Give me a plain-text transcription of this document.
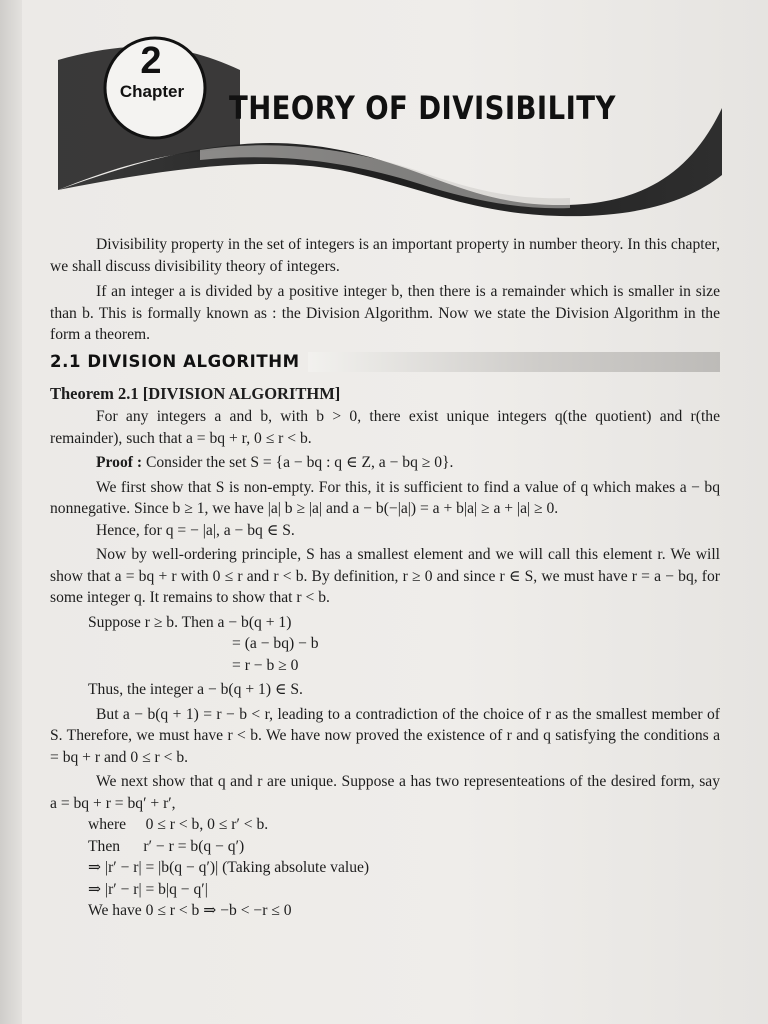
2
Chapter	THEORY OF DIVISIBILITY

Divisibility property in the set of integers is an important property in number theory. In this chapter, we shall discuss divisibility theory of integers.

If an integer a is divided by a positive integer b, then there is a remainder which is smaller in size than b. This is formally known as : the Division Algorithm. Now we state the Division Algorithm in the form a theorem.

2.1 DIVISION ALGORITHM
Theorem 2.1 [DIVISION ALGORITHM]

For any integers a and b, with b > 0, there exist unique integers q(the quotient) and r(the remainder), such that a = bq + r, 0 ≤ r < b.

Proof : Consider the set S = {a − bq : q ∈ Z, a − bq ≥ 0}.

We first show that S is non-empty. For this, it is sufficient to find a value of q which makes a − bq nonnegative. Since b ≥ 1, we have |a| b ≥ |a| and a − b(−|a|) = a + b|a| ≥ a + |a| ≥ 0.

Hence, for q = − |a|, a − bq ∈ S.

Now by well-ordering principle, S has a smallest element and we will call this element r. We will show that a = bq + r with 0 ≤ r and r < b. By definition, r ≥ 0 and since r ∈ S, we must have r = a − bq, for some integer q. It remains to show that r < b.

Suppose r ≥ b. Then a − b(q + 1)

= (a − bq) − b

= r − b ≥ 0

Thus, the integer a − b(q + 1) ∈ S.

But a − b(q + 1) = r − b < r, leading to a contradiction of the choice of r as the smallest member of S. Therefore, we must have r < b. We have now proved the existence of r and q satisfying the conditions a = bq + r and 0 ≤ r < b.

We next show that q and r are unique. Suppose a has two representeations of the desired form, say      a = bq + r = bq′ + r′,

where     0 ≤ r < b, 0 ≤ r′ < b.

Then      r′ − r = b(q − q′)

⇒ |r′ − r| = |b(q − q′)| (Taking absolute value)

⇒ |r′ − r| = b|q − q′|

We have 0 ≤ r < b ⇒ −b < −r ≤ 0
